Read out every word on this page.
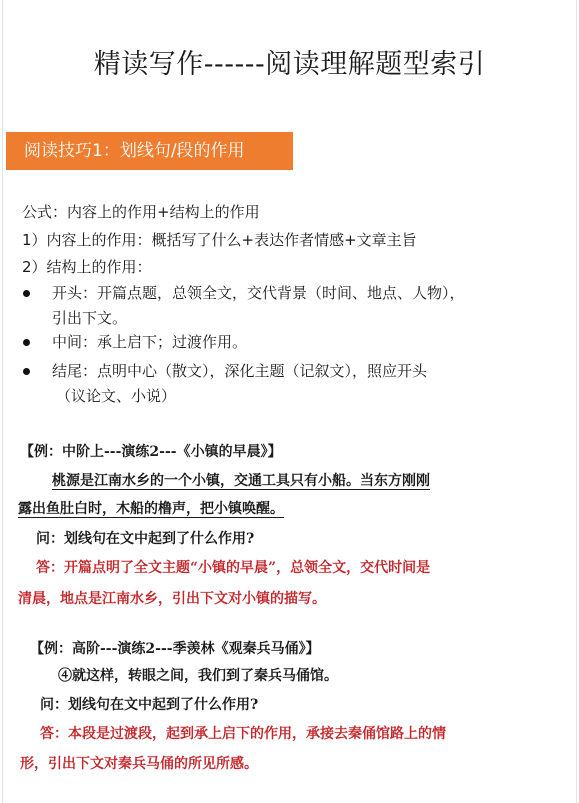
精读写作------阅读理解题型索引
阅读技巧1：划线句/段的作用
公式：内容上的作用+结构上的作用
1）内容上的作用：概括写了什么+表达作者情感+文章主旨
2）结构上的作用：
开头：开篇点题，总领全文，交代背景（时间、地点、人物），
引出下文。
中间：承上启下；过渡作用。
结尾：点明中心（散文），深化主题（记叙文），照应开头
（议论文、小说）
【例：中阶上---演练2---《小镇的早晨》】
桃源是江南水乡的一个小镇，交通工具只有小船。当东方刚刚
露出鱼肚白时，木船的橹声，把小镇唤醒。
问：划线句在文中起到了什么作用?
答：开篇点明了全文主题“小镇的早晨”，总领全文，交代时间是
清晨，地点是江南水乡，引出下文对小镇的描写。
【例：高阶---演练2---季羡林《观秦兵马俑》】
④就这样，转眼之间，我们到了秦兵马俑馆。
问：划线句在文中起到了什么作用?
答：本段是过渡段，起到承上启下的作用，承接去秦俑馆路上的情
形，引出下文对秦兵马俑的所见所感。
